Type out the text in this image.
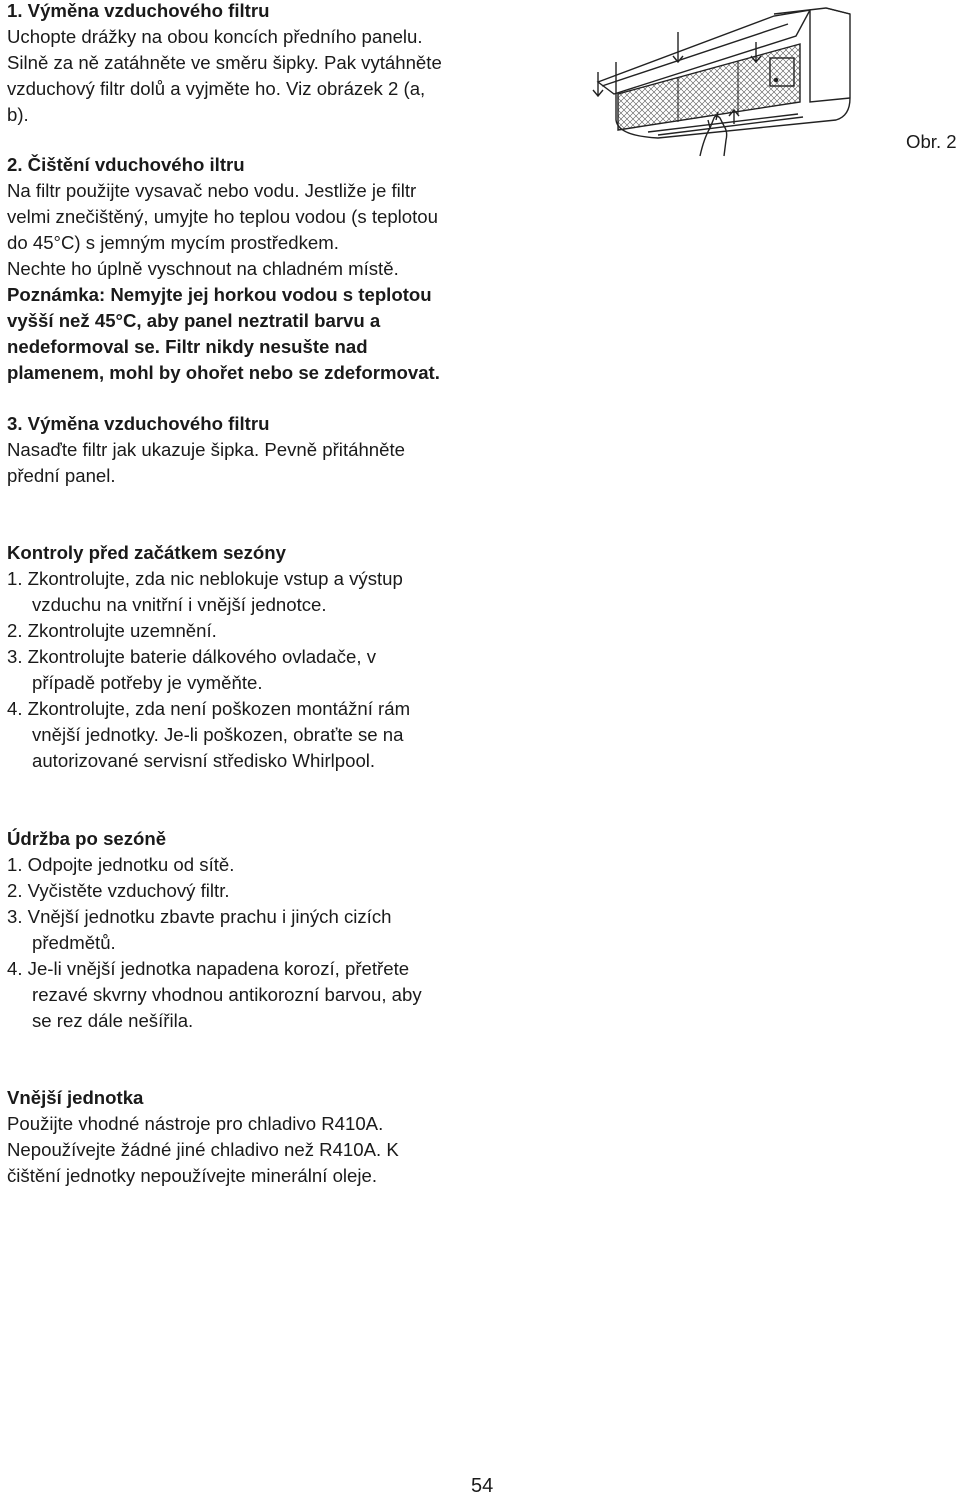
1. Výměna vzduchového filtru
Uchopte drážky na obou koncích předního panelu.
Silně za ně zatáhněte ve směru šipky. Pak vytáhněte
vzduchový filtr dolů a vyjměte ho. Viz obrázek 2 (a,
b).
2. Čištění vduchového iltru
Na filtr použijte vysavač nebo vodu. Jestliže je filtr
velmi znečištěný, umyjte ho teplou vodou (s teplotou
do 45°C) s jemným mycím prostředkem.
Nechte ho úplně vyschnout na chladném místě.
Poznámka: Nemyjte jej horkou vodou s teplotou
vyšší než 45°C, aby panel neztratil barvu a
nedeformoval se. Filtr nikdy nesušte nad
plamenem, mohl by ohořet nebo se zdeformovat.
3. Výměna vzduchového filtru
Nasaďte filtr jak ukazuje šipka. Pevně přitáhněte
přední panel.
Kontroly před začátkem sezóny
1. Zkontrolujte, zda nic neblokuje vstup a výstup
vzduchu na vnitřní i vnější jednotce.
2. Zkontrolujte uzemnění.
3. Zkontrolujte baterie dálkového ovladače, v
případě potřeby je vyměňte.
4. Zkontrolujte, zda není poškozen montážní rám
vnější jednotky. Je-li poškozen, obraťte se na
autorizované servisní středisko Whirlpool.
Údržba po sezóně
1. Odpojte jednotku od sítě.
2. Vyčistěte vzduchový filtr.
3. Vnější jednotku zbavte prachu i jiných cizích
předmětů.
4. Je-li vnější jednotka napadena korozí, přetřete
rezavé skvrny vhodnou antikorozní barvou, aby
se rez dále nešířila.
Vnější jednotka
Použijte vhodné nástroje pro chladivo R410A.
Nepoužívejte žádné jiné chladivo než R410A. K
čištění jednotky nepoužívejte minerální oleje.
Obr. 2
54
